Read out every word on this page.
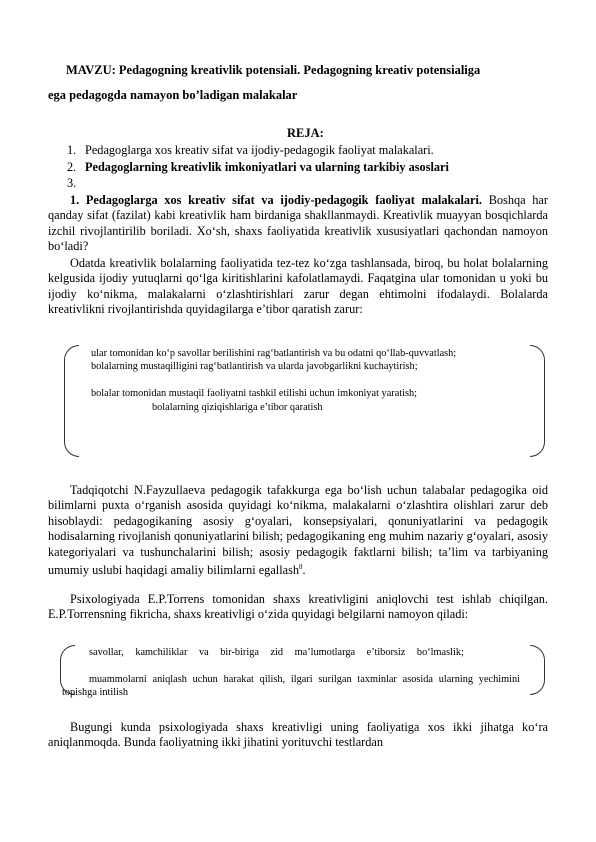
MAVZU: Pedagogning kreativlik potensiali. Pedagogning kreativ potensialiga
ega pedagogda namayon bo’ladigan malakalar
REJA:
1. Pedagoglarga xos kreativ sifat va ijodiy-pedagogik faoliyat malakalari.
2. Pedagoglarning kreativlik imkoniyatlari va ularning tarkibiy asoslari
3.
1. Pedagoglarga xos kreativ sifat va ijodiy-pedagogik faoliyat malakalari. Boshqa har qanday sifat (fazilat) kabi kreativlik ham birdaniga shakllanmaydi. Kreativlik muayyan bosqichlarda izchil rivojlantirilib boriladi. Xo‘sh, shaxs faoliyatida kreativlik xususiyatlari qachondan namoyon bo‘ladi?
Odatda kreativlik bolalarning faoliyatida tez-tez ko‘zga tashlansada, biroq, bu holat bolalarning kelgusida ijodiy yutuqlarni qo‘lga kiritishlarini kafolatlamaydi. Faqatgina ular tomonidan u yoki bu ijodiy ko‘nikma, malakalarni o‘zlashtirishlari zarur degan ehtimolni ifodalaydi. Bolalarda kreativlikni rivojlantirishda quyidagilarga e’tibor qaratish zarur:
ular tomonidan ko‘p savollar berilishini rag‘batlantirish va bu odatni qo‘llab-quvvatlash;
bolalarning mustaqilligini rag‘batlantirish va ularda javobgarlikni kuchaytirish;
bolalar tomonidan mustaqil faoliyatni tashkil etilishi uchun imkoniyat yaratish;
bolalarning qiziqishlariga e’tibor qaratish
Tadqiqotchi N.Fayzullaeva pedagogik tafakkurga ega bo‘lish uchun talabalar pedagogika oid bilimlarni puxta o‘rganish asosida quyidagi ko‘nikma, malakalarni o‘zlashtira olishlari zarur deb hisoblaydi: pedagogikaning asosiy g‘oyalari, konsepsiyalari, qonuniyatlarini va pedagogik hodisalarning rivojlanish qonuniyatlarini bilish; pedagogikaning eng muhim nazariy g‘oyalari, asosiy kategoriyalari va tushunchalarini bilish; asosiy pedagogik faktlarni bilish; ta’lim va tarbiyaning umumiy uslubi haqidagi amaliy bilimlarni egallash$^8$.
Psixologiyada E.P.Torrens tomonidan shaxs kreativligini aniqlovchi test ishlab chiqilgan. E.P.Torrensning fikricha, shaxs kreativligi o‘zida quyidagi belgilarni namoyon qiladi:
savollar, kamchiliklar va bir-biriga zid ma’lumotlarga e’tiborsiz bo‘lmaslik;
muammolarni aniqlash uchun harakat qilish, ilgari surilgan taxminlar asosida ularning yechimini topishga intilish
Bugungi kunda psixologiyada shaxs kreativligi uning faoliyatiga xos ikki jihatga ko‘ra aniqlanmoqda. Bunda faoliyatning ikki jihatini yorituvchi testlardan
